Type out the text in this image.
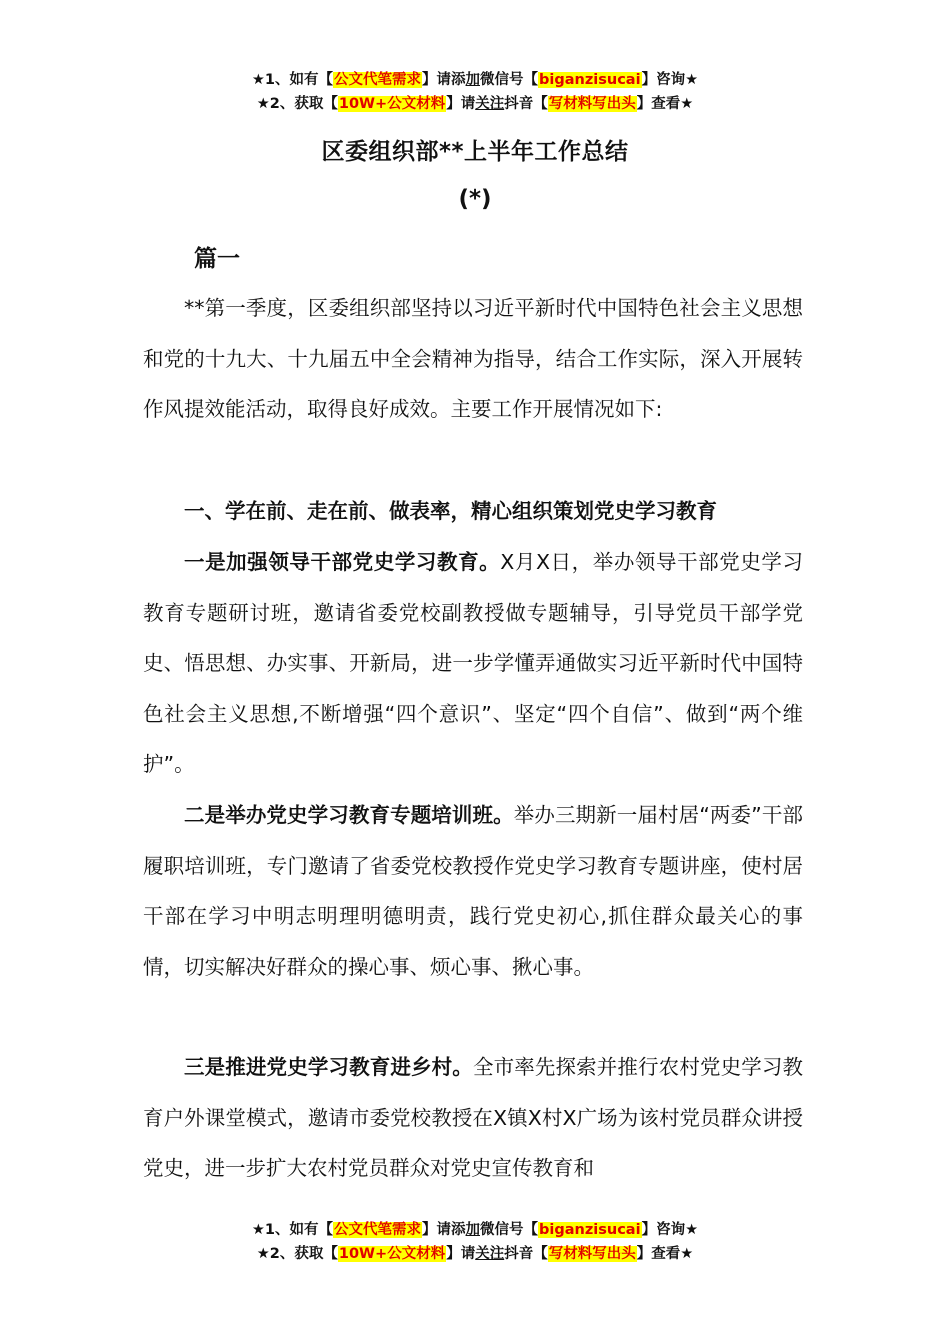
★1、如有【公文代笔需求】请添加微信号【biganzisucai】咨询★
★2、获取【10W+公文材料】请关注抖音【写材料写出头】查看★
区委组织部**上半年工作总结
(*)
篇一
**第一季度，区委组织部坚持以习近平新时代中国特色社会主义思想和党的十九大、十九届五中全会精神为指导，结合工作实际，深入开展转作风提效能活动，取得良好成效。主要工作开展情况如下:
一、学在前、走在前、做表率，精心组织策划党史学习教育
一是加强领导干部党史学习教育。X月X日，举办领导干部党史学习教育专题研讨班，邀请省委党校副教授做专题辅导，引导党员干部学党史、悟思想、办实事、开新局，进一步学懂弄通做实习近平新时代中国特色社会主义思想,不断增强“四个意识”、坚定“四个自信”、做到“两个维护”。
二是举办党史学习教育专题培训班。举办三期新一届村居“两委”干部履职培训班，专门邀请了省委党校教授作党史学习教育专题讲座，使村居干部在学习中明志明理明德明责，践行党史初心,抓住群众最关心的事情，切实解决好群众的操心事、烦心事、揪心事。
三是推进党史学习教育进乡村。全市率先探索并推行农村党史学习教育户外课堂模式，邀请市委党校教授在X镇X村X广场为该村党员群众讲授党史，进一步扩大农村党员群众对党史宣传教育和
★1、如有【公文代笔需求】请添加微信号【biganzisucai】咨询★
★2、获取【10W+公文材料】请关注抖音【写材料写出头】查看★
